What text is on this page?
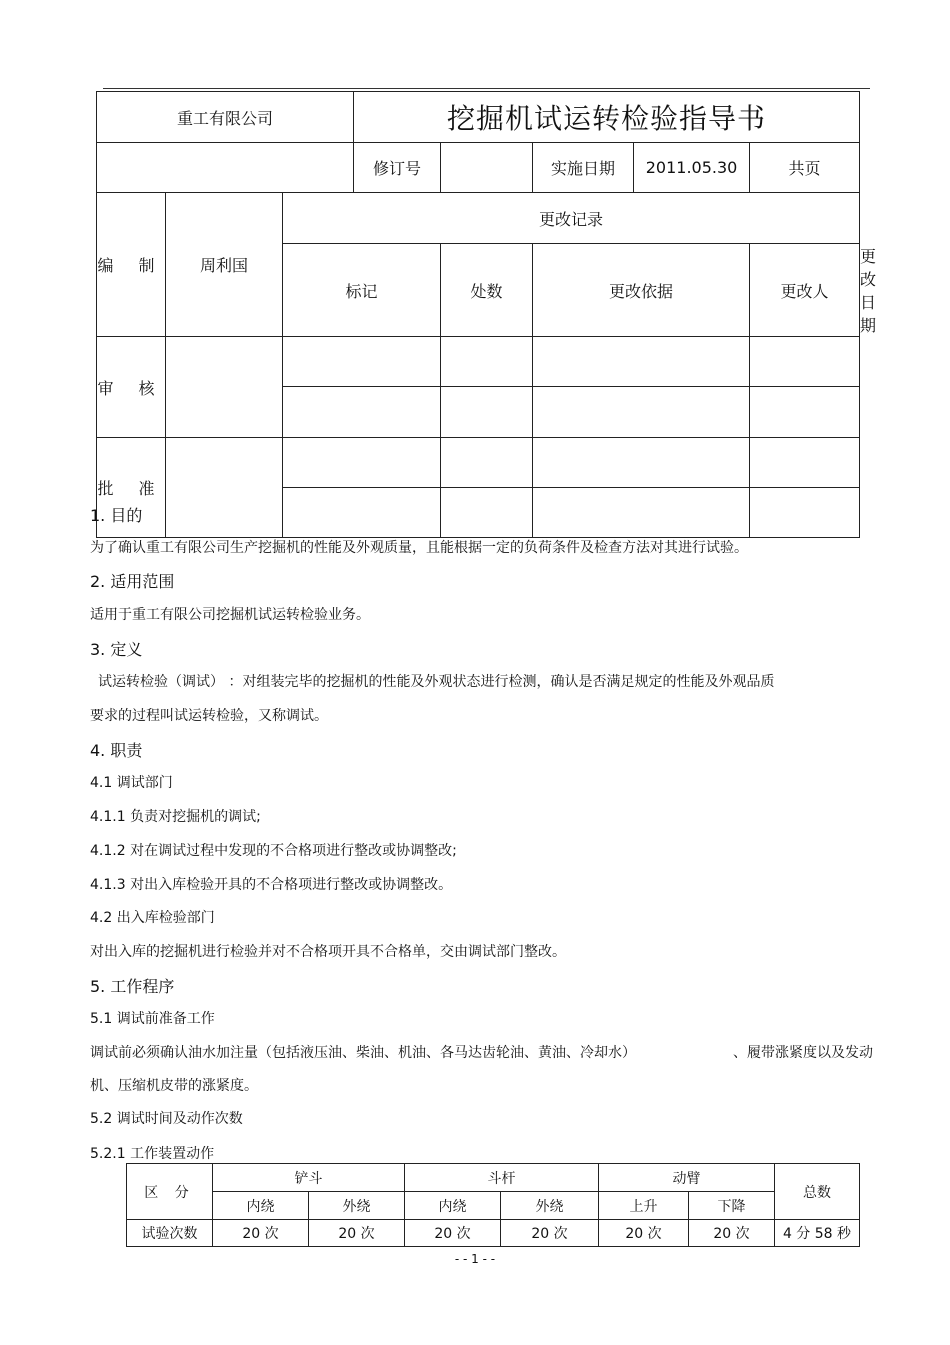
重工有限公司			挖掘机试运转检验指导书					
			修订号		实施日期	2011.05.30	共页	
编 制	周利国	更改记录						
		标记		处数	更改依据		更改人	更改日期
审 核								

批 准								

1. 目的
为了确认重工有限公司生产挖掘机的性能及外观质量，且能根据一定的负荷条件及检查方法对其进行试验。
2. 适用范围
适用于重工有限公司挖掘机试运转检验业务。
3. 定义
试运转检验（调试） ：对组装完毕的挖掘机的性能及外观状态进行检测，确认是否满足规定的性能及外观品质
要求的过程叫试运转检验，又称调试。
4. 职责
4.1 调试部门
4.1.1 负责对挖掘机的调试;
4.1.2 对在调试过程中发现的不合格项进行整改或协调整改;
4.1.3 对出入库检验开具的不合格项进行整改或协调整改。
4.2 出入库检验部门
对出入库的挖掘机进行检验并对不合格项开具不合格单，交由调试部门整改。
5. 工作程序
5.1 调试前准备工作
调试前必须确认油水加注量（包括液压油、柴油、机油、各马达齿轮油、黄油、冷却水）	、履带涨紧度以及发动
机、压缩机皮带的涨紧度。
5.2 调试时间及动作次数
5.2.1 工作装置动作
区 分	铲斗		斗杆		动臂		总数
	内绕	外绕	内绕	外绕	上升	下降	
试验次数	20 次	20 次	20 次	20 次	20 次	20 次	4 分 58 秒
- - 1 - -
